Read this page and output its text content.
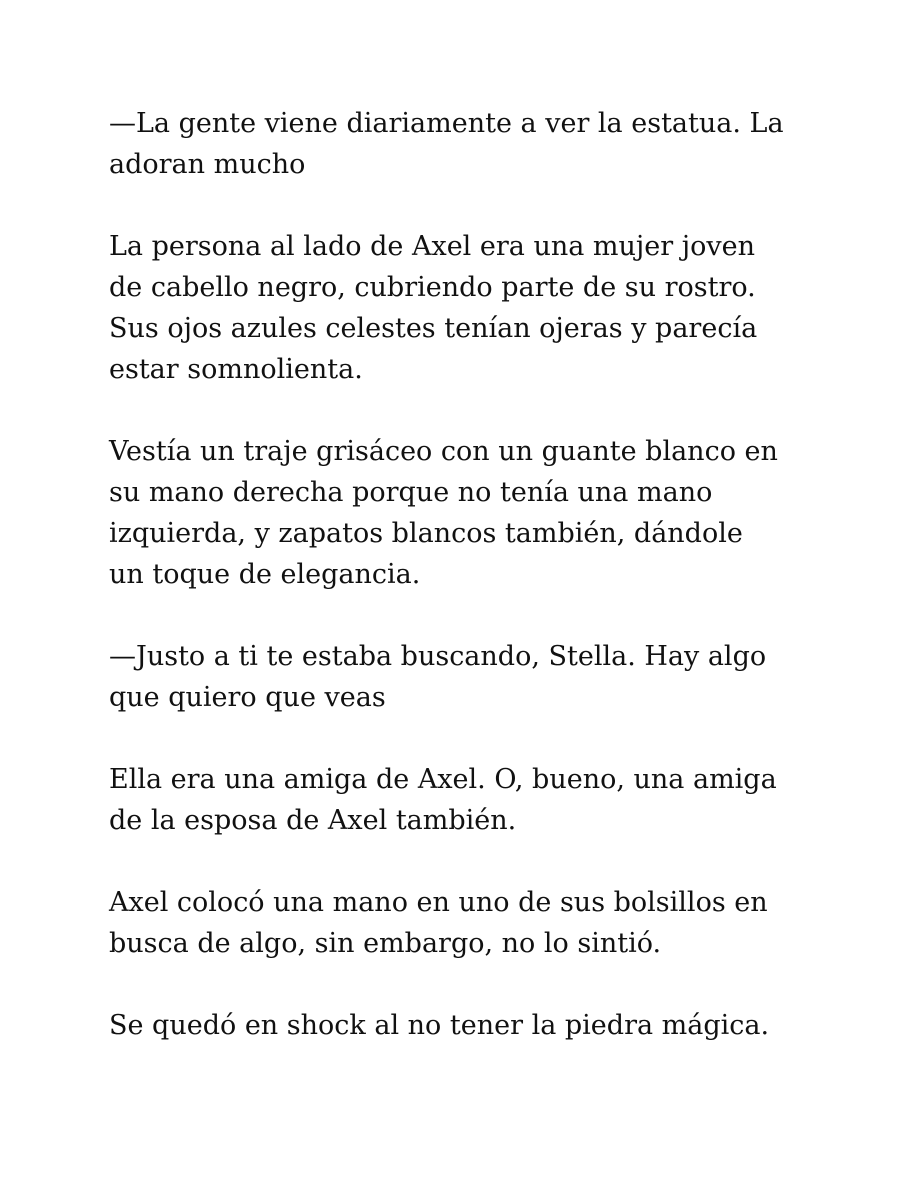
—La gente viene diariamente a ver la estatua. La
adoran mucho

La persona al lado de Axel era una mujer joven
de cabello negro, cubriendo parte de su rostro.
Sus ojos azules celestes tenían ojeras y parecía
estar somnolienta.

Vestía un traje grisáceo con un guante blanco en
su mano derecha porque no tenía una mano
izquierda, y zapatos blancos también, dándole
un toque de elegancia.

—Justo a ti te estaba buscando, Stella. Hay algo
que quiero que veas

Ella era una amiga de Axel. O, bueno, una amiga
de la esposa de Axel también.

Axel colocó una mano en uno de sus bolsillos en
busca de algo, sin embargo, no lo sintió.

Se quedó en shock al no tener la piedra mágica.
